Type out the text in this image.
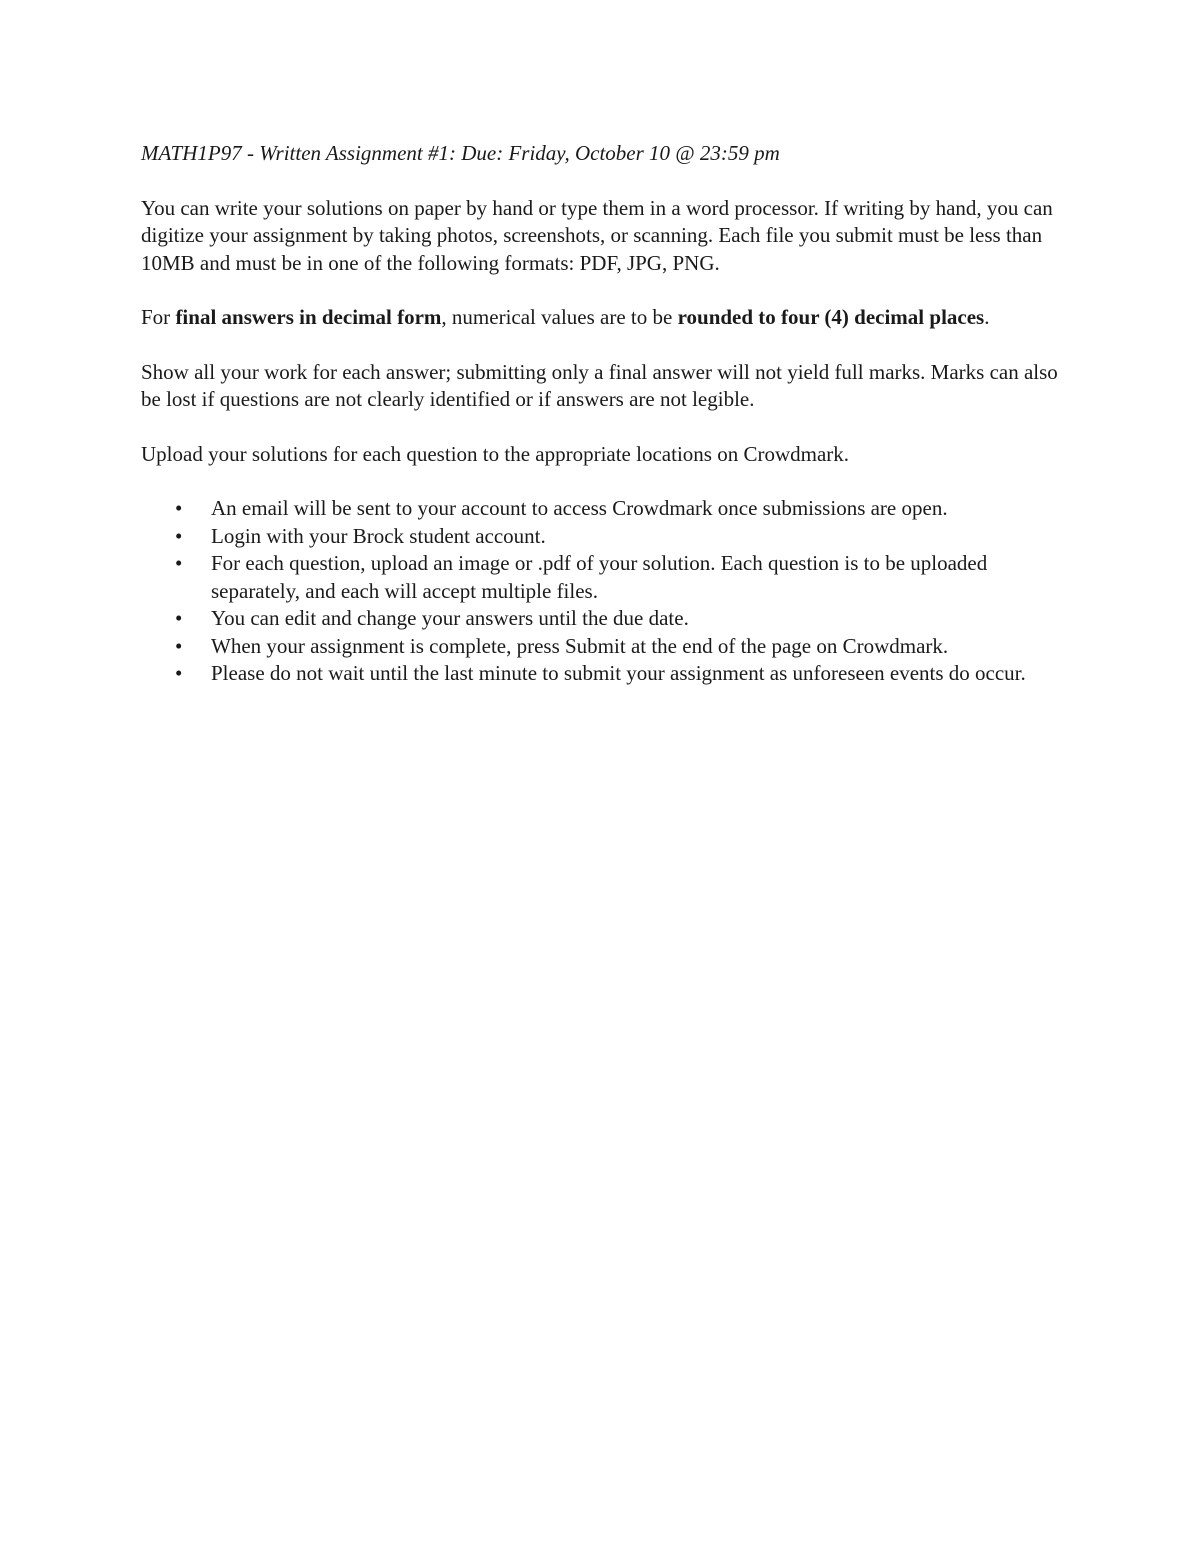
MATH1P97 - Written Assignment #1: Due: Friday, October 10 @ 23:59 pm

You can write your solutions on paper by hand or type them in a word processor. If writing by hand, you can digitize your assignment by taking photos, screenshots, or scanning. Each file you submit must be less than 10MB and must be in one of the following formats: PDF, JPG, PNG.

For final answers in decimal form, numerical values are to be rounded to four (4) decimal places.

Show all your work for each answer; submitting only a final answer will not yield full marks. Marks can also be lost if questions are not clearly identified or if answers are not legible.

Upload your solutions for each question to the appropriate locations on Crowdmark.

• An email will be sent to your account to access Crowdmark once submissions are open.
• Login with your Brock student account.
• For each question, upload an image or .pdf of your solution. Each question is to be uploaded separately, and each will accept multiple files.
• You can edit and change your answers until the due date.
• When your assignment is complete, press Submit at the end of the page on Crowdmark.
• Please do not wait until the last minute to submit your assignment as unforeseen events do occur.
